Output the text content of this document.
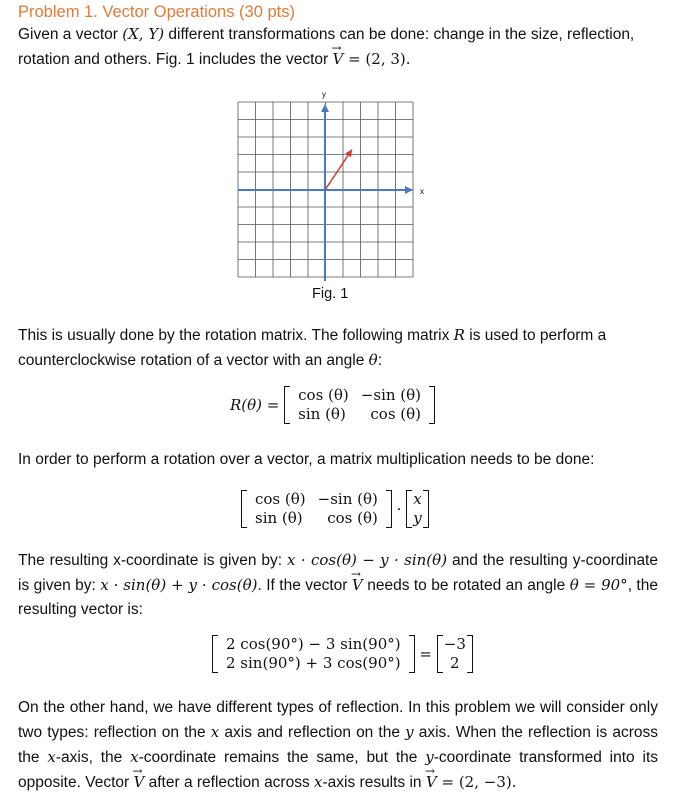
Problem 1. Vector Operations (30 pts)
Given a vector (X, Y) different transformations can be done: change in the size, reflection, rotation and others. Fig. 1 includes the vector → V = (2, 3).
y
x
Fig. 1
This is usually done by the rotation matrix. The following matrix R is used to perform a counterclockwise rotation of a vector with an angle θ:
R(θ) =
cos (θ)	−sin (θ)
sin (θ)	cos (θ)
In order to perform a rotation over a vector, a matrix multiplication needs to be done:
cos (θ)	−sin (θ)
sin (θ)	cos (θ) ·
x
y
The resulting x-coordinate is given by: x · cos(θ) − y · sin(θ) and the resulting y-coordinate is given by: x · sin(θ) + y · cos(θ). If the vector → V needs to be rotated an angle θ = 90°, the resulting vector is:
2 cos(90°) − 3 sin(90°)
2 sin(90°) + 3 cos(90°) =
−3
2
On the other hand, we have different types of reflection. In this problem we will consider only two types: reflection on the x axis and reflection on the y axis. When the reflection is across the x-axis, the x-coordinate remains the same, but the y-coordinate transformed into its opposite. Vector → V after a reflection across x-axis results in → V = (2, −3).
